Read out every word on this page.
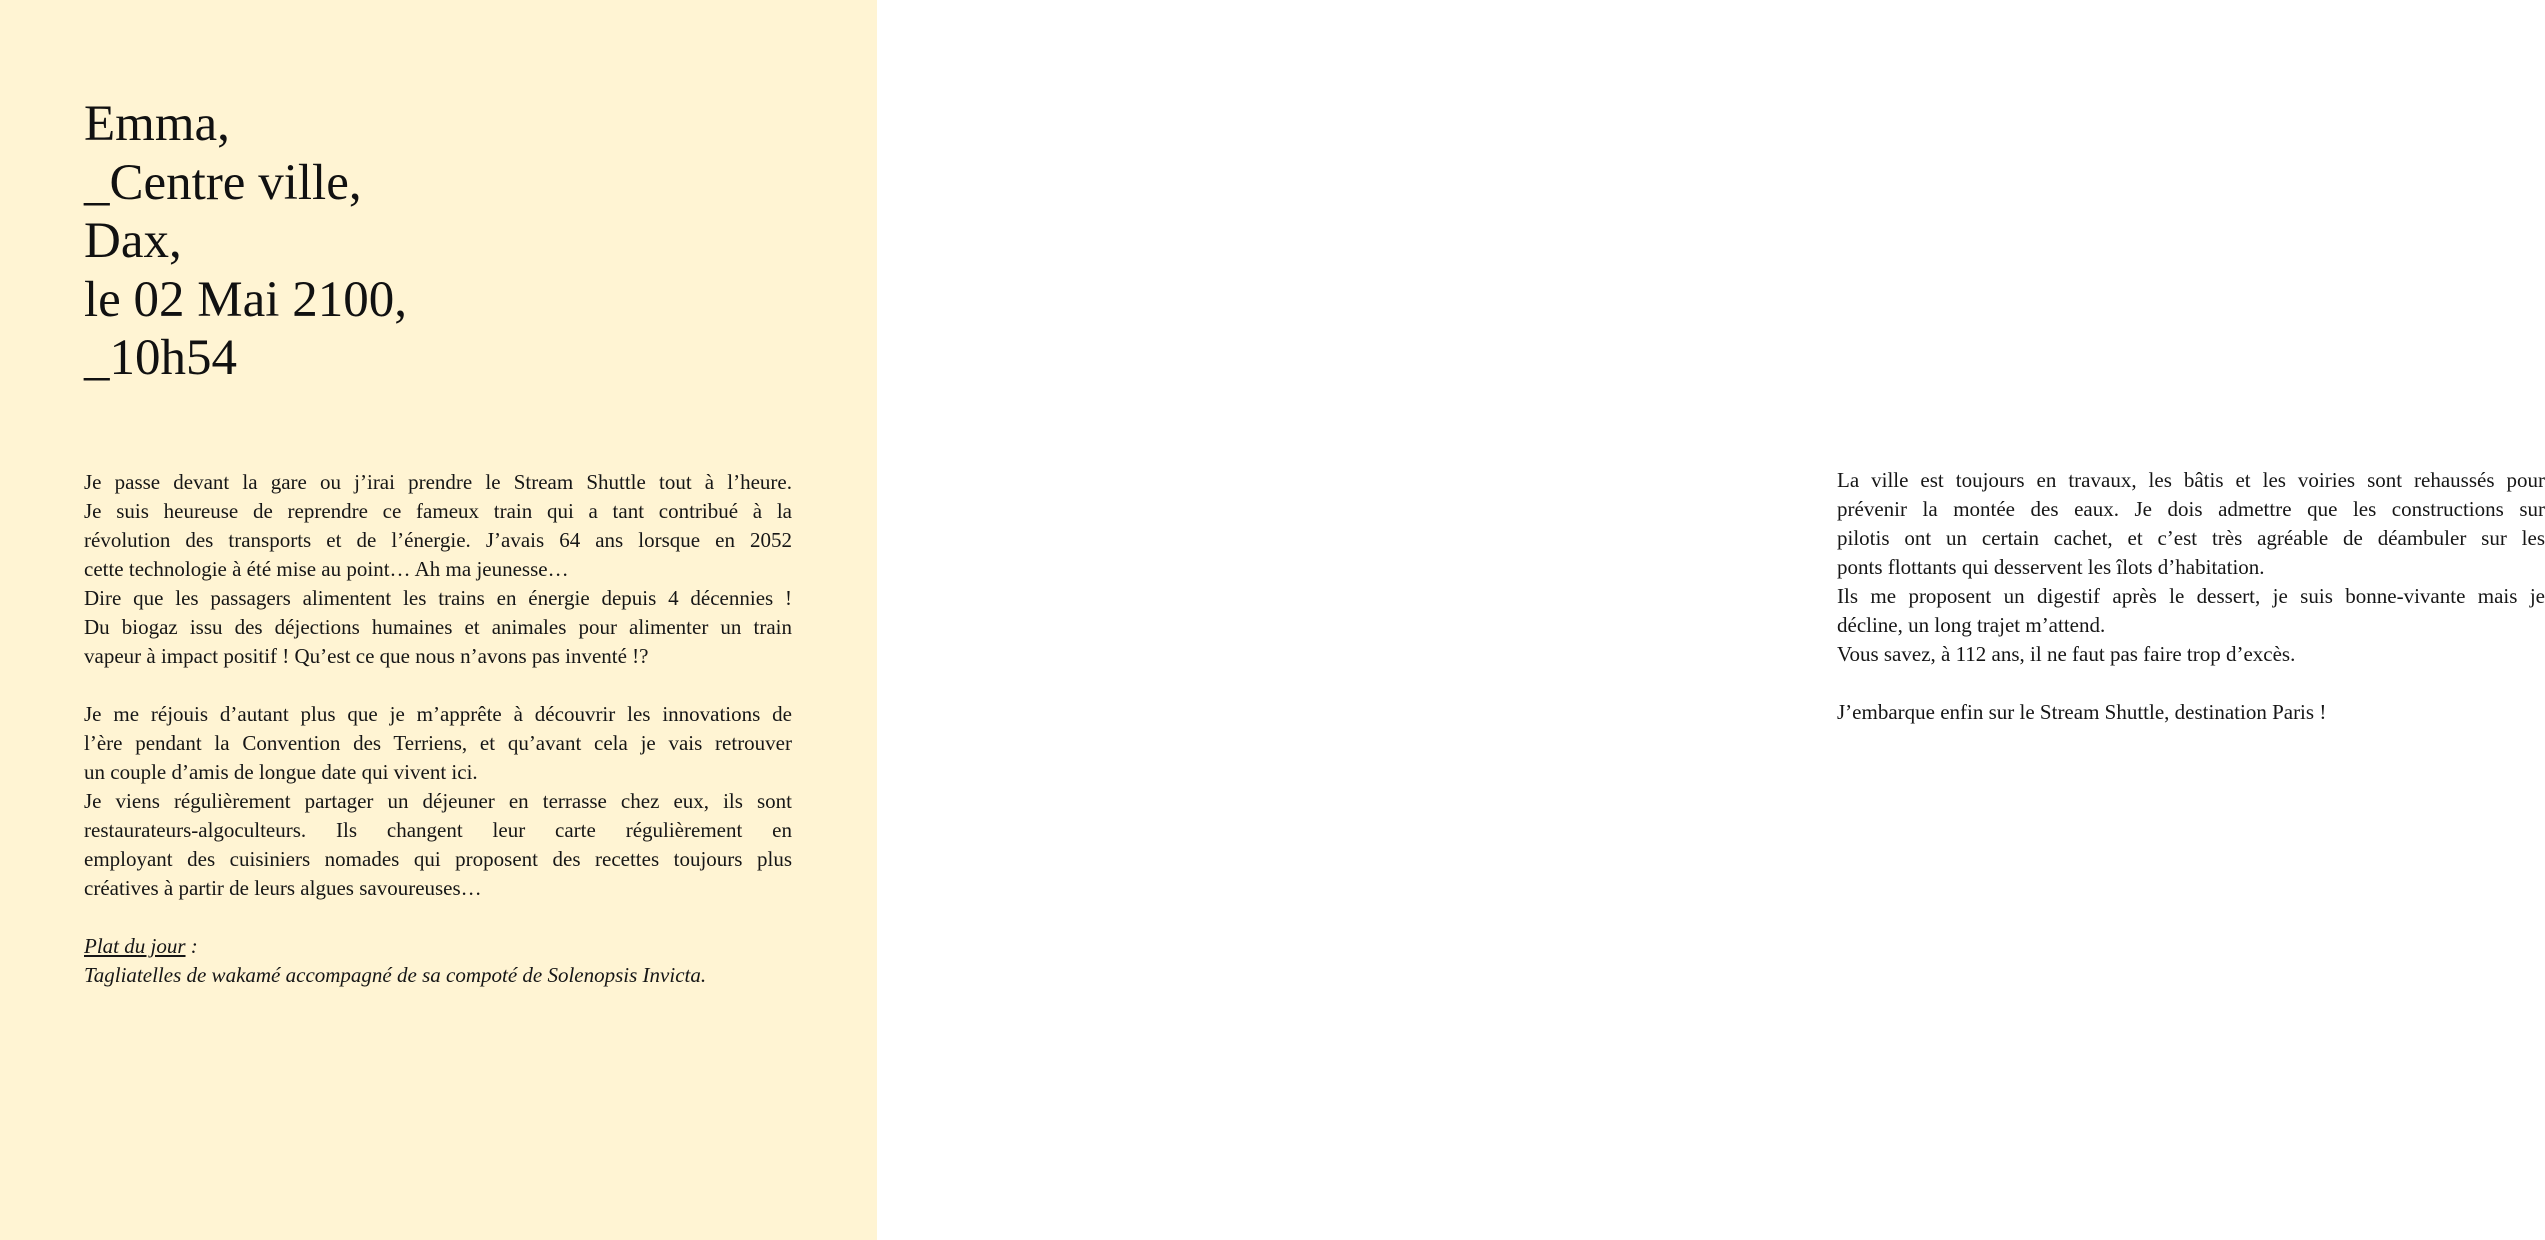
Emma,
_Centre ville,
Dax,
le 02 Mai 2100,
_10h54

Je passe devant la gare ou j’irai prendre le Stream Shuttle tout à l’heure.
Je suis heureuse de reprendre ce fameux train qui a tant contribué à la
révolution des transports et de l’énergie. J’avais 64 ans lorsque en 2052
cette technologie à été mise au point… Ah ma jeunesse…
Dire que les passagers alimentent les trains en énergie depuis 4 décennies !
Du biogaz issu des déjections humaines et animales pour alimenter un train
vapeur à impact positif ! Qu’est ce que nous n’avons pas inventé !?

Je me réjouis d’autant plus que je m’apprête à découvrir les innovations de
l’ère pendant la Convention des Terriens, et qu’avant cela je vais retrouver
un couple d’amis de longue date qui vivent ici.
Je viens régulièrement partager un déjeuner en terrasse chez eux, ils sont
restaurateurs-algoculteurs. Ils changent leur carte régulièrement en
employant des cuisiniers nomades qui proposent des recettes toujours plus
créatives à partir de leurs algues savoureuses…

Plat du jour :
Tagliatelles de wakamé accompagné de sa compoté de Solenopsis Invicta.

La ville est toujours en travaux, les bâtis et les voiries sont rehaussés pour
prévenir la montée des eaux. Je dois admettre que les constructions sur
pilotis ont un certain cachet, et c’est très agréable de déambuler sur les
ponts flottants qui desservent les îlots d’habitation.
Ils me proposent un digestif après le dessert, je suis bonne-vivante mais je
décline, un long trajet m’attend.
Vous savez, à 112 ans, il ne faut pas faire trop d’excès.

J’embarque enfin sur le Stream Shuttle, destination Paris !
